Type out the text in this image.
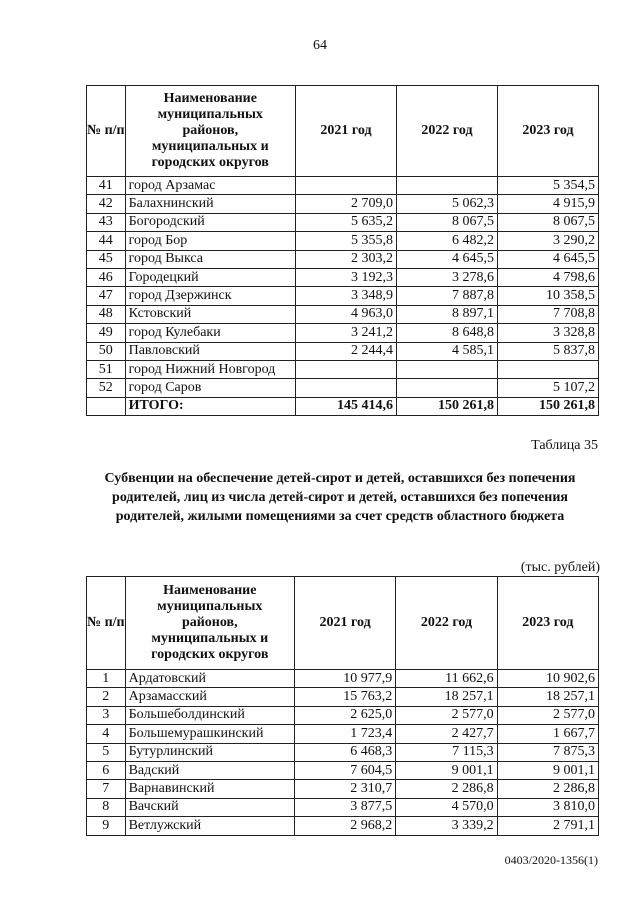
64
№ п/п	Наименование муниципальных районов, муниципальных и городских округов	2021 год	2022 год	2023 год
41	город Арзамас			5 354,5
42	Балахнинский	2 709,0	5 062,3	4 915,9
43	Богородский	5 635,2	8 067,5	8 067,5
44	город Бор	5 355,8	6 482,2	3 290,2
45	город Выкса	2 303,2	4 645,5	4 645,5
46	Городецкий	3 192,3	3 278,6	4 798,6
47	город Дзержинск	3 348,9	7 887,8	10 358,5
48	Кстовский	4 963,0	8 897,1	7 708,8
49	город Кулебаки	3 241,2	8 648,8	3 328,8
50	Павловский	2 244,4	4 585,1	5 837,8
51	город Нижний Новгород			
52	город Саров			5 107,2
	ИТОГО:	145 414,6	150 261,8	150 261,8
Таблица 35
Субвенции на обеспечение детей-сирот и детей, оставшихся без попечения родителей, лиц из числа детей-сирот и детей, оставшихся без попечения родителей, жилыми помещениями за счет средств областного бюджета
(тыс. рублей)
№ п/п	Наименование муниципальных районов, муниципальных и городских округов	2021 год	2022 год	2023 год
1	Ардатовский	10 977,9	11 662,6	10 902,6
2	Арзамасский	15 763,2	18 257,1	18 257,1
3	Большеболдинский	2 625,0	2 577,0	2 577,0
4	Большемурашкинский	1 723,4	2 427,7	1 667,7
5	Бутурлинский	6 468,3	7 115,3	7 875,3
6	Вадский	7 604,5	9 001,1	9 001,1
7	Варнавинский	2 310,7	2 286,8	2 286,8
8	Вачский	3 877,5	4 570,0	3 810,0
9	Ветлужский	2 968,2	3 339,2	2 791,1
0403/2020-1356(1)
